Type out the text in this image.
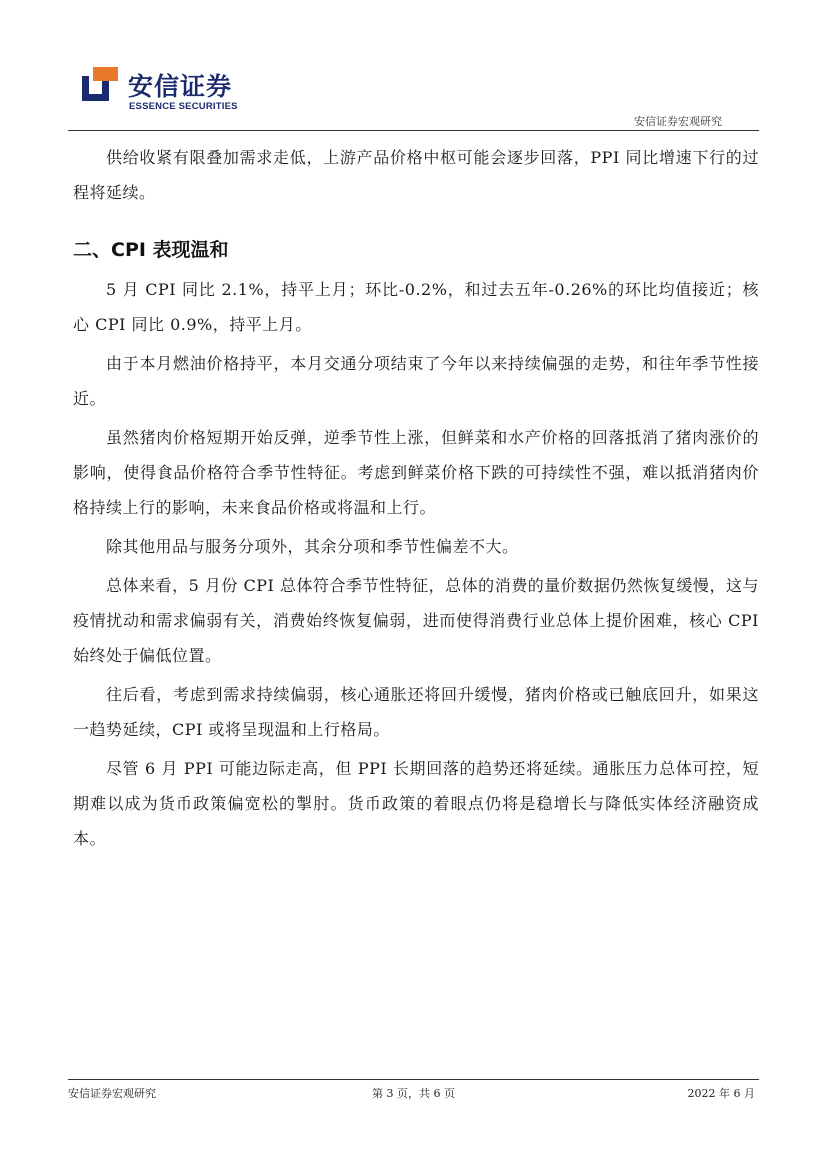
安信证券
ESSENCE SECURITIES
安信证券宏观研究

供给收紧有限叠加需求走低，上游产品价格中枢可能会逐步回落，PPI 同比增速下行的过程将延续。

二、CPI 表现温和

5 月 CPI 同比 2.1%，持平上月；环比-0.2%，和过去五年-0.26%的环比均值接近；核心 CPI 同比 0.9%，持平上月。

由于本月燃油价格持平，本月交通分项结束了今年以来持续偏强的走势，和往年季节性接近。

虽然猪肉价格短期开始反弹，逆季节性上涨，但鲜菜和水产价格的回落抵消了猪肉涨价的影响，使得食品价格符合季节性特征。考虑到鲜菜价格下跌的可持续性不强，难以抵消猪肉价格持续上行的影响，未来食品价格或将温和上行。

除其他用品与服务分项外，其余分项和季节性偏差不大。

总体来看，5 月份 CPI 总体符合季节性特征，总体的消费的量价数据仍然恢复缓慢，这与疫情扰动和需求偏弱有关，消费始终恢复偏弱，进而使得消费行业总体上提价困难，核心 CPI 始终处于偏低位置。

往后看，考虑到需求持续偏弱，核心通胀还将回升缓慢，猪肉价格或已触底回升，如果这一趋势延续，CPI 或将呈现温和上行格局。

尽管 6 月 PPI 可能边际走高，但 PPI 长期回落的趋势还将延续。通胀压力总体可控，短期难以成为货币政策偏宽松的掣肘。货币政策的着眼点仍将是稳增长与降低实体经济融资成本。

安信证券宏观研究	第 3 页，共 6 页	2022 年 6 月
